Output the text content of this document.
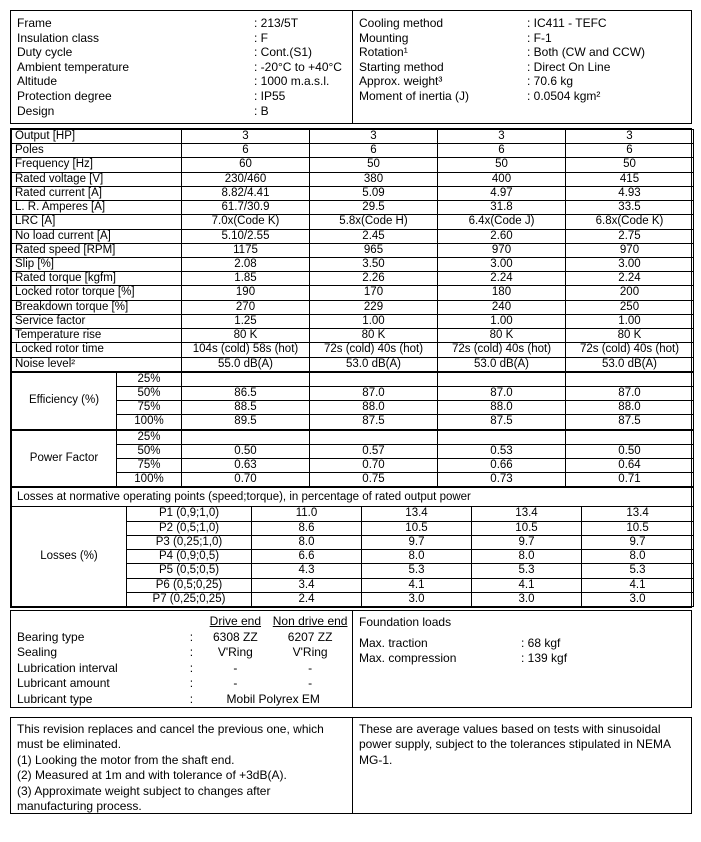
Frame	: 213/5T
Insulation class	: F
Duty cycle	: Cont.(S1)
Ambient temperature	: -20°C to +40°C
Altitude	: 1000 m.a.s.l.
Protection degree	: IP55
Design	: B
Cooling method	: IC411 - TEFC
Mounting	: F-1
Rotation¹	: Both (CW and CCW)
Starting method	: Direct On Line
Approx. weight³	: 70.6 kg
Moment of inertia (J)	: 0.0504 kgm²
Output [HP]	3	3	3	3
Poles	6	6	6	6
Frequency [Hz]	60	50	50	50
Rated voltage [V]	230/460	380	400	415
Rated current [A]	8.82/4.41	5.09	4.97	4.93
L. R. Amperes [A]	61.7/30.9	29.5	31.8	33.5
LRC [A]	7.0x(Code K)	5.8x(Code H)	6.4x(Code J)	6.8x(Code K)
No load current [A]	5.10/2.55	2.45	2.60	2.75
Rated speed [RPM]	1175	965	970	970
Slip [%]	2.08	3.50	3.00	3.00
Rated torque [kgfm]	1.85	2.26	2.24	2.24
Locked rotor torque [%]	190	170	180	200
Breakdown torque [%]	270	229	240	250
Service factor	1.25	1.00	1.00	1.00
Temperature rise	80 K	80 K	80 K	80 K
Locked rotor time	104s (cold) 58s (hot)	72s (cold) 40s (hot)	72s (cold) 40s (hot)	72s (cold) 40s (hot)
Noise level²	55.0 dB(A)	53.0 dB(A)	53.0 dB(A)	53.0 dB(A)
Efficiency (%)	25%				
	50%	86.5	87.0	87.0	87.0
	75%	88.5	88.0	88.0	88.0
	100%	89.5	87.5	87.5	87.5
Power Factor	25%				
	50%	0.50	0.57	0.53	0.50
	75%	0.63	0.70	0.66	0.64
	100%	0.70	0.75	0.73	0.71
Losses at normative operating points (speed;torque), in percentage of rated output power					
Losses (%)	P1 (0,9;1,0)	11.0	13.4	13.4	13.4
	P2 (0,5;1,0)	8.6	10.5	10.5	10.5
	P3 (0,25;1,0)	8.0	9.7	9.7	9.7
	P4 (0,9;0,5)	6.6	8.0	8.0	8.0
	P5 (0,5;0,5)	4.3	5.3	5.3	5.3
	P6 (0,5;0,25)	3.4	4.1	4.1	4.1
	P7 (0,25;0,25)	2.4	3.0	3.0	3.0
Drive end Non drive end
Bearing type	:	6308 ZZ	6207 ZZ
Sealing	:	V'Ring	V'Ring
Lubrication interval	:	-	-
Lubricant amount	:	-	-
Lubricant type	:	Mobil Polyrex EM
Foundation loads
Max. traction	: 68 kgf
Max. compression	: 139 kgf

This revision replaces and cancel the previous one, which must be eliminated.

(1) Looking the motor from the shaft end.

(2) Measured at 1m and with tolerance of +3dB(A).

(3) Approximate weight subject to changes after manufacturing process.

These are average values based on tests with sinusoidal power supply, subject to the tolerances stipulated in NEMA MG-1.
